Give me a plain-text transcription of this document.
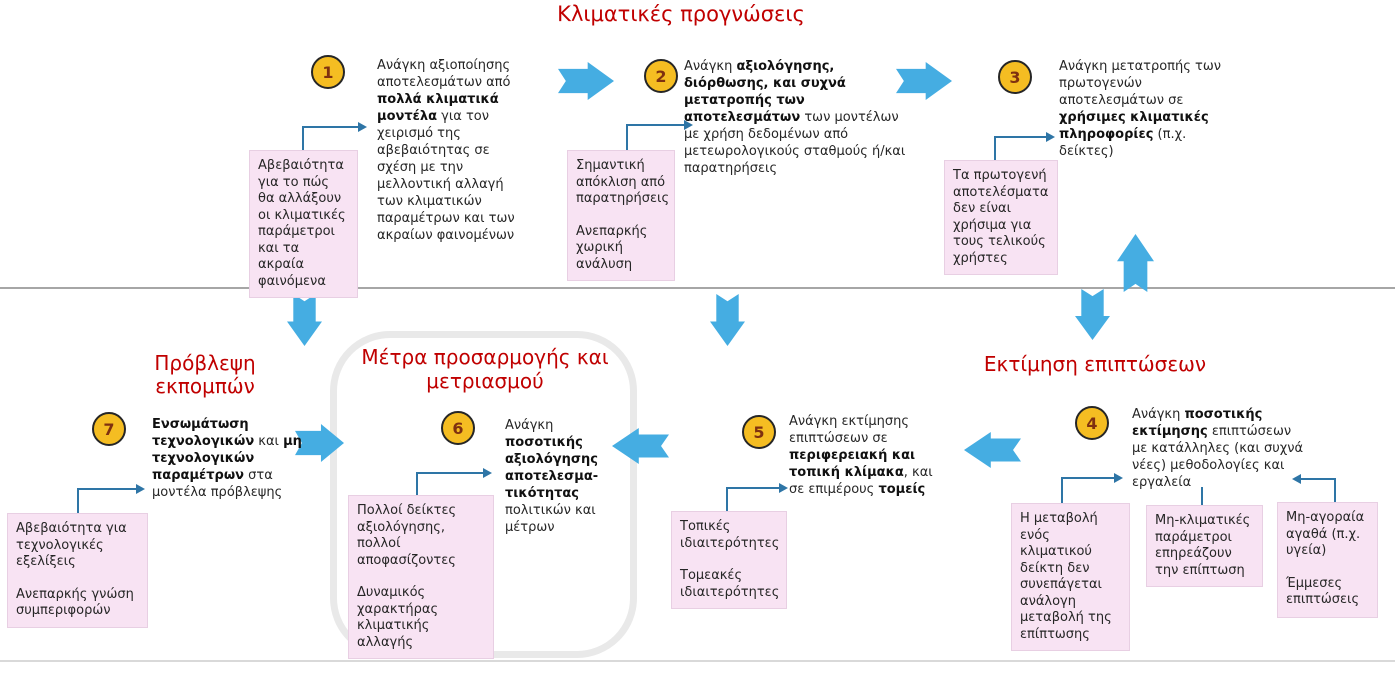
Κλιματικές προγνώσεις
Πρόβλεψη εκπομπών
Μέτρα προσαρμογής και μετριασμού
Εκτίμηση επιπτώσεων
1	2	3
4
5
6
7
Ανάγκη αξιοποίησης αποτελεσμάτων από πολλά κλιματικά μοντέλα για τον χειρισμό της αβεβαιότητας σε σχέση με την μελλοντική αλλαγή των κλιματικών παραμέτρων και των ακραίων φαινομένων
Ανάγκη αξιολόγησης, διόρθωσης, και συχνά μετατροπής των αποτελεσμάτων των μοντέλων με χρήση δεδομένων από μετεωρολογικούς σταθμούς ή/και παρατηρήσεις
Ανάγκη μετατροπής των πρωτογενών αποτελεσμάτων σε χρήσιμες κλιματικές πληροφορίες (π.χ. δείκτες)
Ανάγκη ποσοτικής εκτίμησης επιπτώσεων με κατάλληλες (και συχνά νέες) μεθοδολογίες και εργαλεία
Ανάγκη εκτίμησης επιπτώσεων σε περιφερειακή και τοπική κλίμακα, και σε επιμέρους τομείς
Ανάγκη ποσοτικής αξιολόγησης αποτελεσμα-τικότητας πολιτικών και μέτρων
Ενσωμάτωση τεχνολογικών και μη τεχνολογικών παραμέτρων στα μοντέλα πρόβλεψης
Αβεβαιότητα για το πώς θα αλλάξουν οι κλιματικές παράμετροι και τα ακραία φαινόμενα
Σημαντική απόκλιση από παρατηρήσεις
Ανεπαρκής χωρική ανάλυση
Τα πρωτογενή αποτελέσματα δεν είναι χρήσιμα για τους τελικούς χρήστες
Η μεταβολή ενός κλιματικού δείκτη δεν συνεπάγεται ανάλογη μεταβολή της επίπτωσης
Μη-κλιματικές παράμετροι επηρεάζουν την επίπτωση
Μη-αγοραία αγαθά (π.χ. υγεία)
Έμμεσες επιπτώσεις
Τοπικές ιδιαιτερότητες
Τομεακές ιδιαιτερότητες
Πολλοί δείκτες αξιολόγησης, πολλοί αποφασίζοντες
Δυναμικός χαρακτήρας κλιματικής αλλαγής
Αβεβαιότητα για τεχνολογικές εξελίξεις
Ανεπαρκής γνώση συμπεριφορών
